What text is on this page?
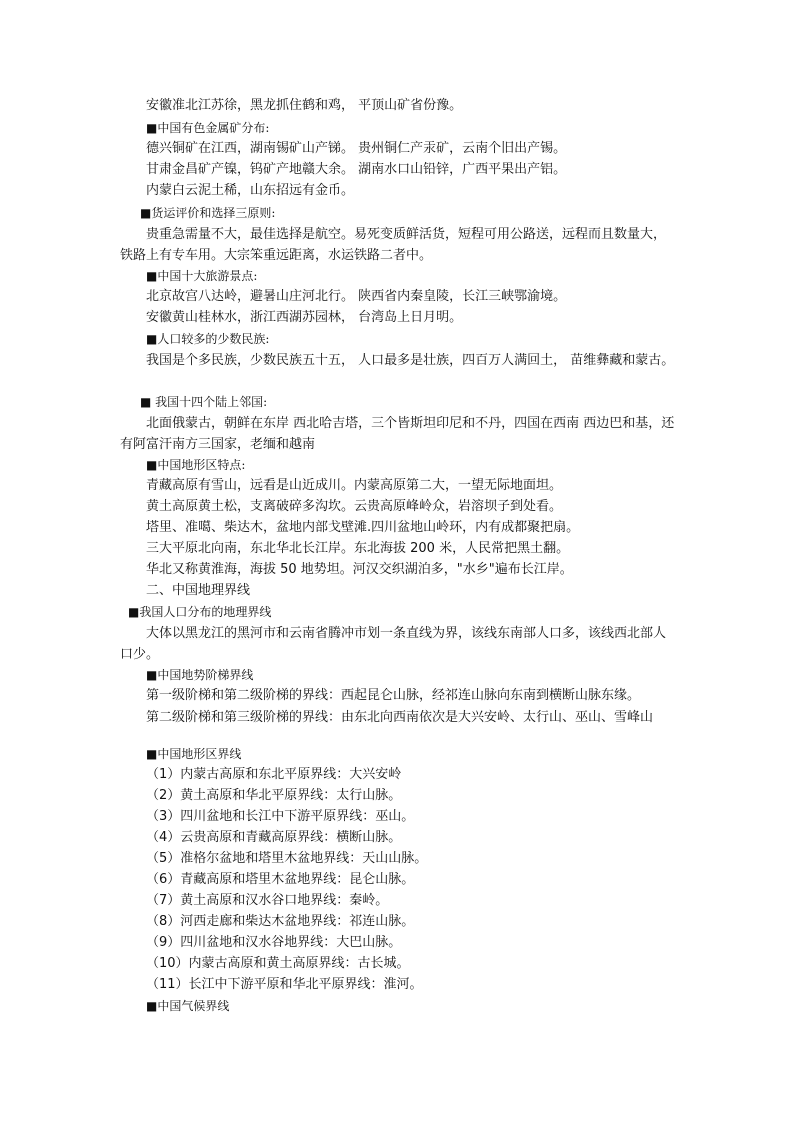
安徽准北江苏徐，黑龙抓住鹤和鸡， 平顶山矿省份豫。
■中国有色金属矿分布:
德兴铜矿在江西，湖南锡矿山产锑。 贵州铜仁产汞矿，云南个旧出产锡。
甘肃金昌矿产镍，钨矿产地赣大余。 湖南水口山铅锌，广西平果出产铝。
内蒙白云泥土稀，山东招远有金币。
■货运评价和选择三原则:
贵重急需量不大，最佳选择是航空。易死变质鲜活货，短程可用公路送，远程而且数量大，铁路上有专车用。大宗笨重远距离，水运铁路二者中。
■中国十大旅游景点:
北京故宫八达岭，避暑山庄河北行。 陕西省内秦皇陵，长江三峡鄂渝境。
安徽黄山桂林水，浙江西湖苏园林， 台湾岛上日月明。
■人口较多的少数民族:
我国是个多民族，少数民族五十五， 人口最多是壮族，四百万人满回土， 苗维彝藏和蒙古。
■ 我国十四个陆上邻国:
北面俄蒙古，朝鲜在东岸 西北哈吉塔，三个皆斯坦印尼和不丹，四国在西南 西边巴和基，还有阿富汗南方三国家，老缅和越南
■中国地形区特点:
青藏高原有雪山，远看是山近成川。内蒙高原第二大，一望无际地面坦。
黄土高原黄土松，支离破碎多沟坎。云贵高原峰岭众，岩溶坝子到处看。
塔里、准噶、柴达木，盆地内部戈壁滩.四川盆地山岭环，内有成都聚把扇。
三大平原北向南，东北华北长江岸。东北海拔 200 米，人民常把黑土翻。
华北又称黄淮海，海拔 50 地势坦。河汉交织湖泊多，"水乡"遍布长江岸。
二、中国地理界线
■我国人口分布的地理界线
大体以黑龙江的黑河市和云南省腾冲市划一条直线为界，该线东南部人口多，该线西北部人口少。
■中国地势阶梯界线
第一级阶梯和第二级阶梯的界线：西起昆仑山脉，经祁连山脉向东南到横断山脉东缘。
第二级阶梯和第三级阶梯的界线：由东北向西南依次是大兴安岭、太行山、巫山、雪峰山
■中国地形区界线
（1）内蒙古高原和东北平原界线：大兴安岭
（2）黄土高原和华北平原界线：太行山脉。
（3）四川盆地和长江中下游平原界线：巫山。
（4）云贵高原和青藏高原界线：横断山脉。
（5）准格尔盆地和塔里木盆地界线：天山山脉。
（6）青藏高原和塔里木盆地界线：昆仑山脉。
（7）黄土高原和汉水谷口地界线：秦岭。
（8）河西走廊和柴达木盆地界线：祁连山脉。
（9）四川盆地和汉水谷地界线：大巴山脉。
（10）内蒙古高原和黄土高原界线：古长城。
（11）长江中下游平原和华北平原界线：淮河。
■中国气候界线
